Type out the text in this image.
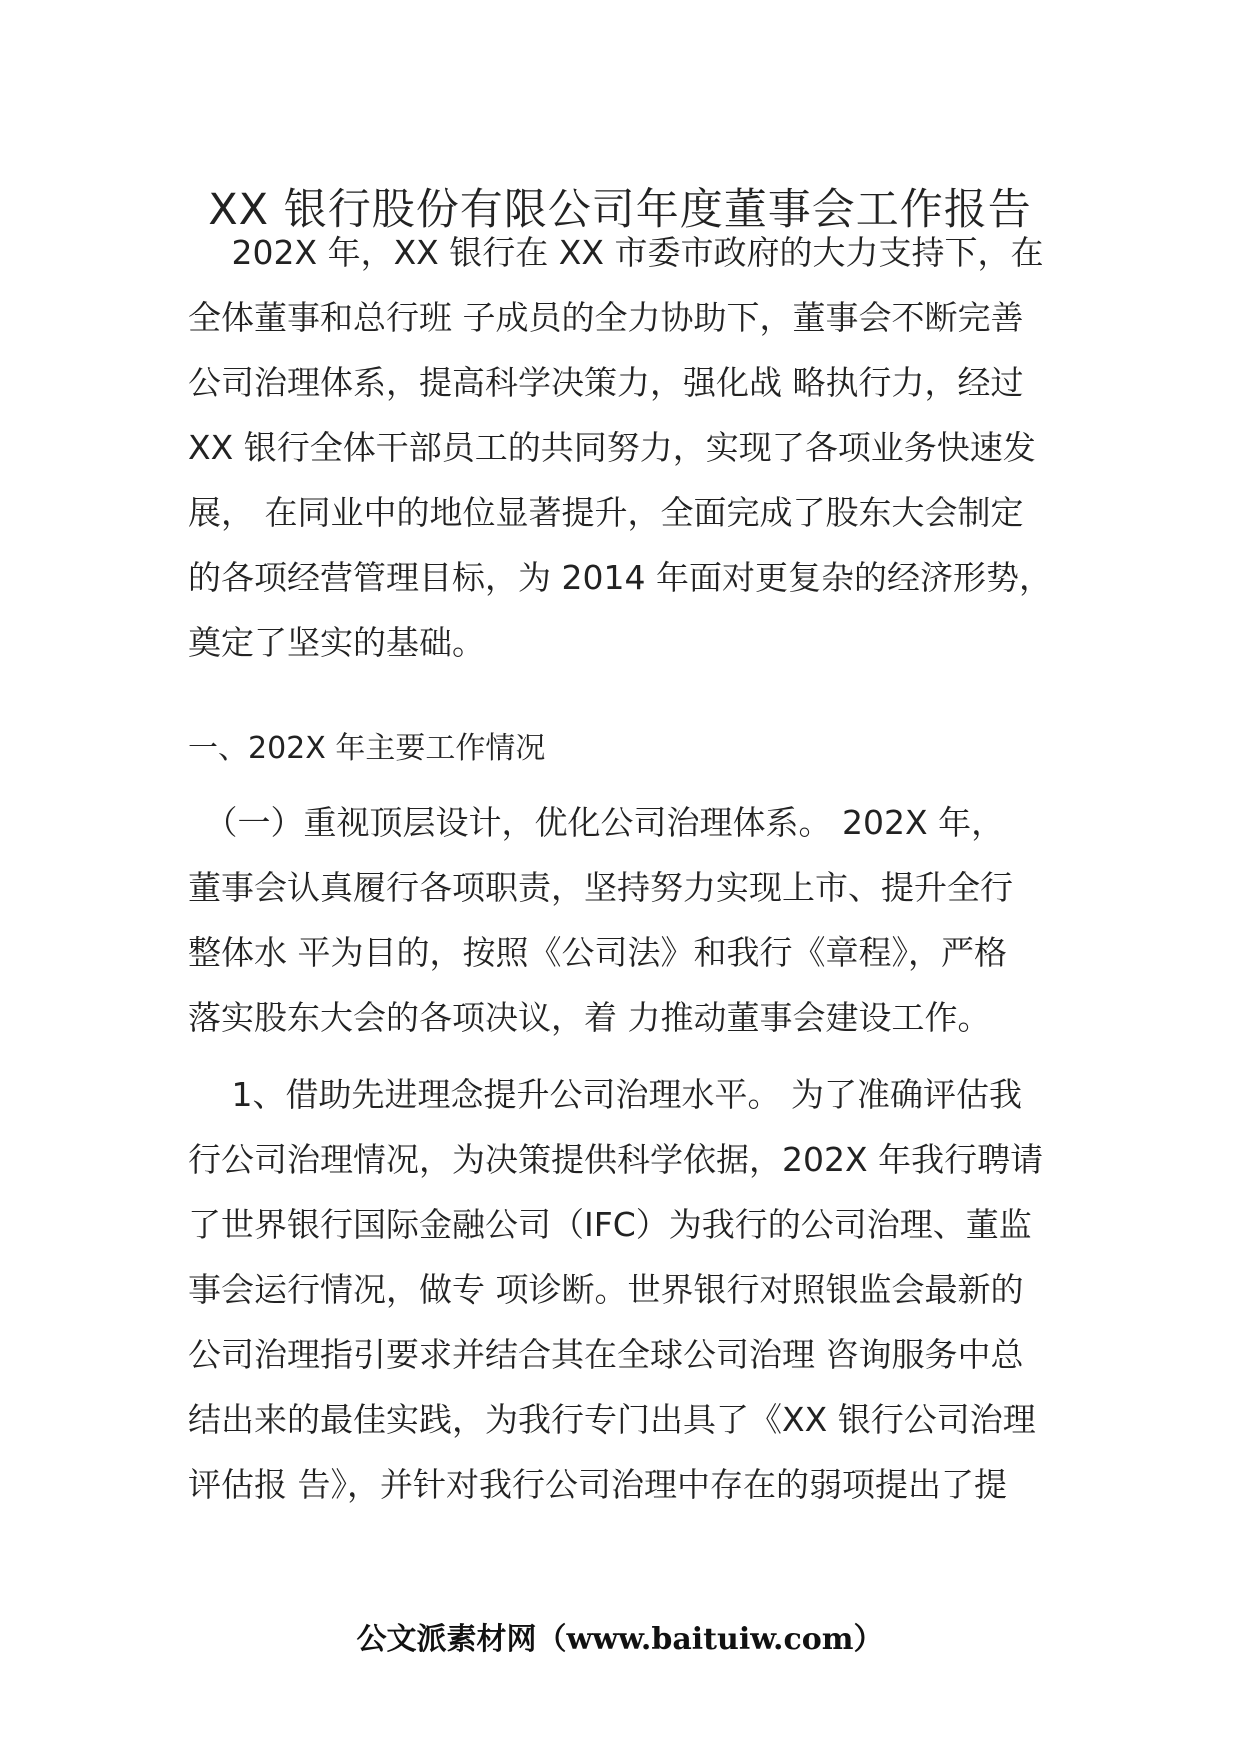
XX 银行股份有限公司年度董事会工作报告
　 202X 年，XX 银行在 XX 市委市政府的大力支持下，在
全体董事和总行班 子成员的全力协助下，董事会不断完善
公司治理体系，提高科学决策力，强化战 略执行力，经过
XX 银行全体干部员工的共同努力，实现了各项业务快速发
展， 在同业中的地位显著提升，全面完成了股东大会制定
的各项经营管理目标，为 2014 年面对更复杂的经济形势，
奠定了坚实的基础。
一、202X 年主要工作情况
　（一）重视顶层设计，优化公司治理体系。 202X 年，
董事会认真履行各项职责，坚持努力实现上市、提升全行
整体水 平为目的，按照《公司法》和我行《章程》，严格
落实股东大会的各项决议，着 力推动董事会建设工作。
　 1、借助先进理念提升公司治理水平。 为了准确评估我
行公司治理情况，为决策提供科学依据，202X 年我行聘请
了世界银行国际金融公司（IFC）为我行的公司治理、董监
事会运行情况，做专 项诊断。世界银行对照银监会最新的
公司治理指引要求并结合其在全球公司治理 咨询服务中总
结出来的最佳实践，为我行专门出具了《XX 银行公司治理
评估报 告》，并针对我行公司治理中存在的弱项提出了提
公文派素材网（www.baituiw.com）
